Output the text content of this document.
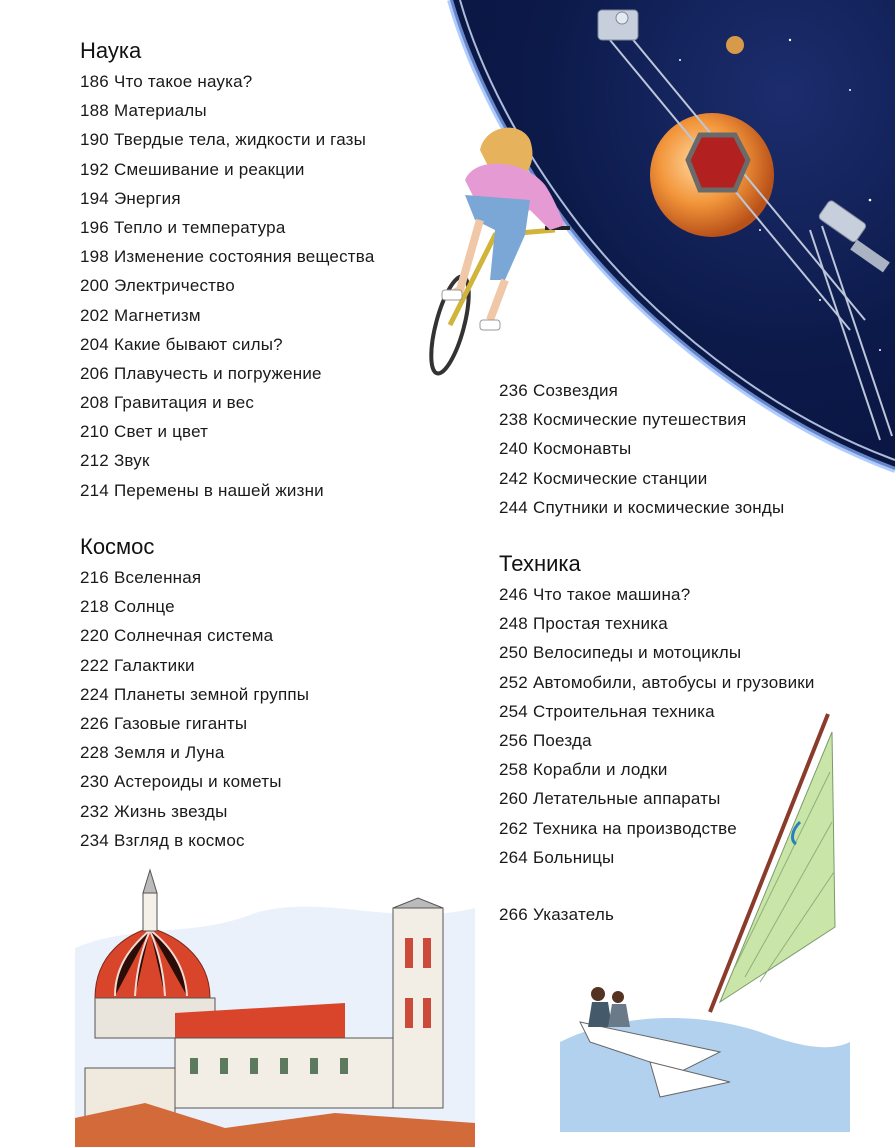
Наука
186 Что такое наука?
188 Материалы
190 Твердые тела, жидкости и газы
192 Смешивание и реакции
194 Энергия
196 Тепло и температура
198 Изменение состояния вещества
200 Электричество
202 Магнетизм
204 Какие бывают силы?
206 Плавучесть и погружение
208 Гравитация и вес
210 Свет и цвет
212 Звук
214 Перемены в нашей жизни
Космос
216 Вселенная
218 Солнце
220 Солнечная система
222 Галактики
224 Планеты земной группы
226 Газовые гиганты
228 Земля и Луна
230 Астероиды и кометы
232 Жизнь звезды
234 Взгляд в космос
236 Созвездия
238 Космические путешествия
240 Космонавты
242 Космические станции
244 Спутники и космические зонды
Техника
246 Что такое машина?
248 Простая техника
250 Велосипеды и мотоциклы
252 Автомобили, автобусы и грузовики
254 Строительная техника
256 Поезда
258 Корабли и лодки
260 Летательные аппараты
262 Техника на производстве
264 Больницы
266 Указатель
